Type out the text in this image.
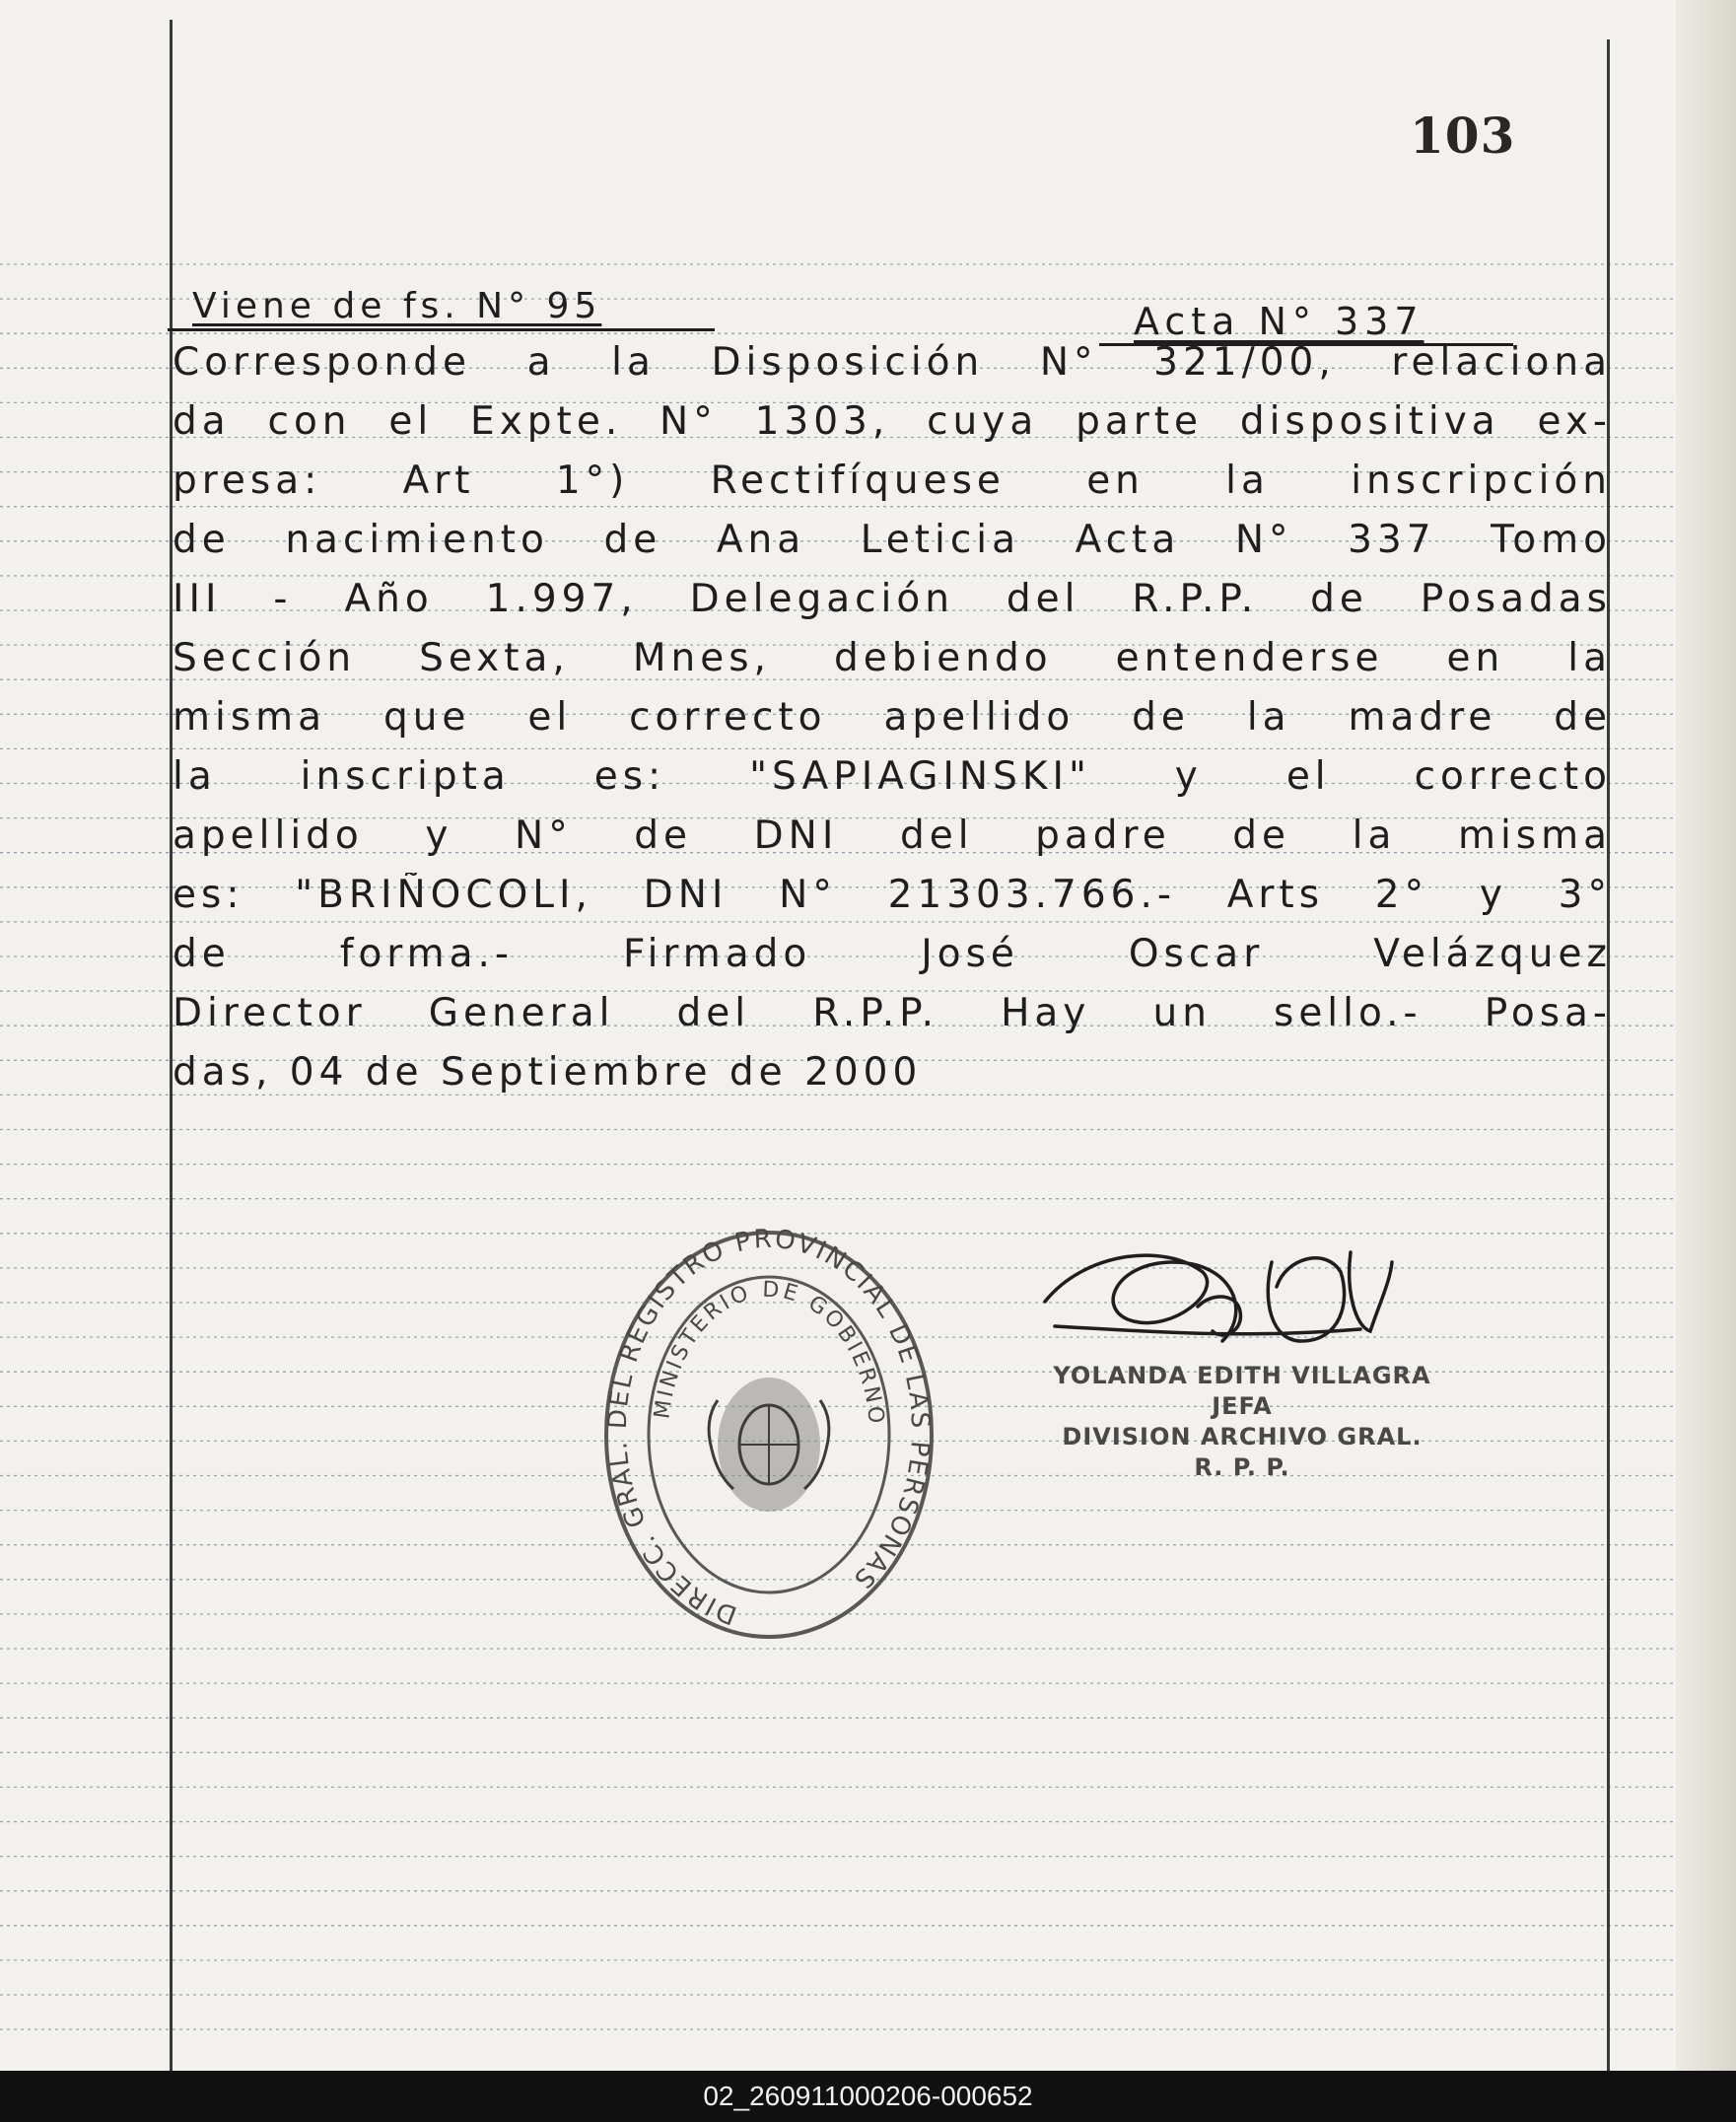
103
Viene de fs. N° 95	Acta N° 337
Corresponde a la Disposición N° 321/00, relaciona
da con el Expte. N° 1303, cuya parte dispositiva ex-
presa: Art 1°) Rectifíquese en la inscripción
de nacimiento de Ana Leticia Acta N° 337 Tomo
III - Año 1.997, Delegación del R.P.P. de Posadas
Sección Sexta, Mnes, debiendo entenderse en la
misma que el correcto apellido de la madre de
la inscripta es: "SAPIAGINSKI" y el correcto
apellido y N° de DNI del padre de la misma
es: "BRIÑOCOLI, DNI N° 21303.766.- Arts 2° y 3°
de forma.- Firmado José Oscar Velázquez
Director General del R.P.P. Hay un sello.- Posa-
das, 04 de Septiembre de 2000
DIRECC. GRAL. DEL REGISTRO PROVINCIAL DE LAS PERSONAS
MINISTERIO DE GOBIERNO
YOLANDA EDITH VILLAGRA
JEFA
DIVISION ARCHIVO GRAL.
R. P. P.
02_260911000206-000652
